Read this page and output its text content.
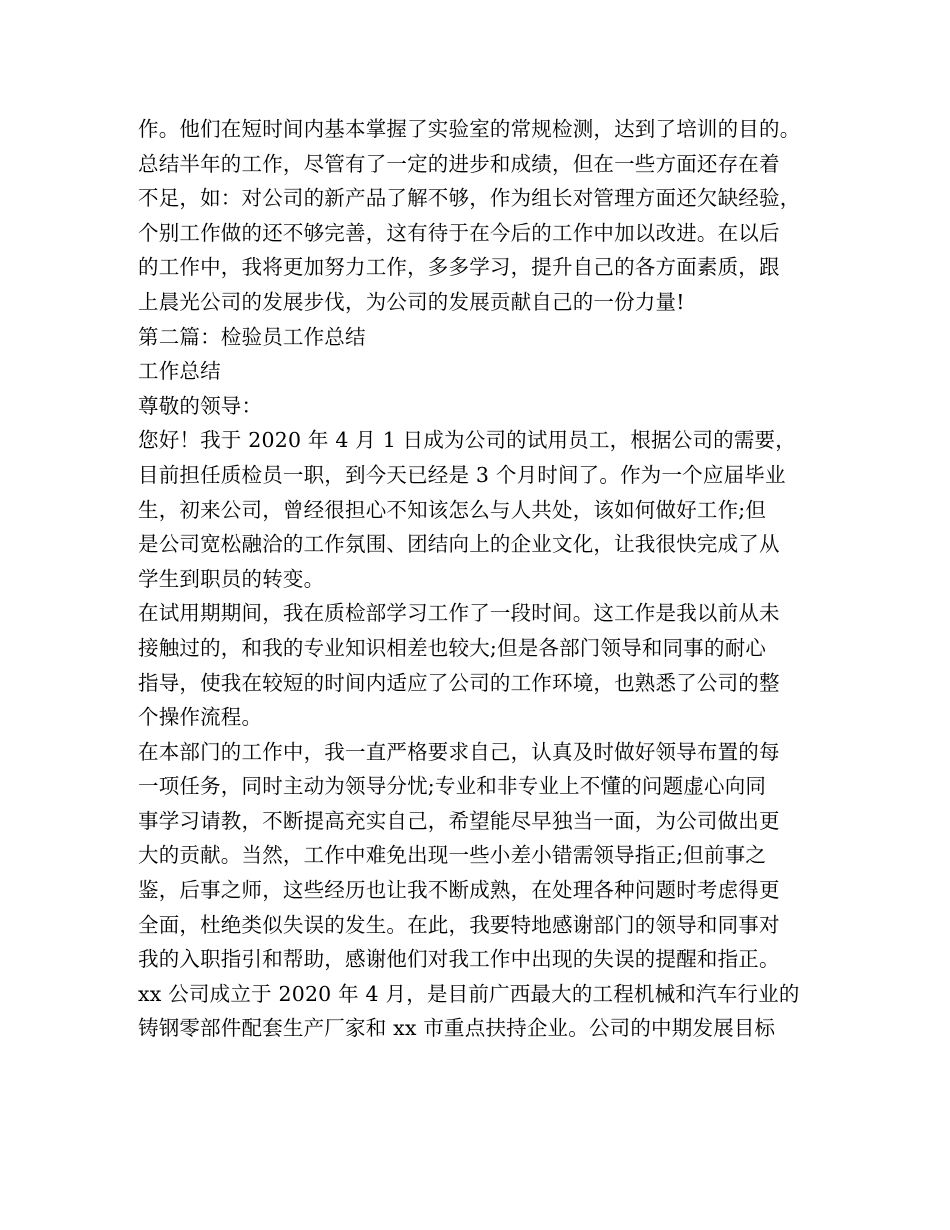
作。他们在短时间内基本掌握了实验室的常规检测，达到了培训的目的。
总结半年的工作，尽管有了一定的进步和成绩，但在一些方面还存在着
不足，如：对公司的新产品了解不够，作为组长对管理方面还欠缺经验，
个别工作做的还不够完善，这有待于在今后的工作中加以改进。在以后
的工作中，我将更加努力工作，多多学习，提升自己的各方面素质，跟
上晨光公司的发展步伐，为公司的发展贡献自己的一份力量!
第二篇：检验员工作总结
工作总结
尊敬的领导：
您好！我于 2020 年 4 月 1 日成为公司的试用员工，根据公司的需要，
目前担任质检员一职，到今天已经是 3 个月时间了。作为一个应届毕业
生，初来公司，曾经很担心不知该怎么与人共处，该如何做好工作;但
是公司宽松融洽的工作氛围、团结向上的企业文化，让我很快完成了从
学生到职员的转变。
在试用期期间，我在质检部学习工作了一段时间。这工作是我以前从未
接触过的，和我的专业知识相差也较大;但是各部门领导和同事的耐心
指导，使我在较短的时间内适应了公司的工作环境，也熟悉了公司的整
个操作流程。
在本部门的工作中，我一直严格要求自己，认真及时做好领导布置的每
一项任务，同时主动为领导分忧;专业和非专业上不懂的问题虚心向同
事学习请教，不断提高充实自己，希望能尽早独当一面，为公司做出更
大的贡献。当然，工作中难免出现一些小差小错需领导指正;但前事之
鉴，后事之师，这些经历也让我不断成熟，在处理各种问题时考虑得更
全面，杜绝类似失误的发生。在此，我要特地感谢部门的领导和同事对
我的入职指引和帮助，感谢他们对我工作中出现的失误的提醒和指正。
xx 公司成立于 2020 年 4 月，是目前广西最大的工程机械和汽车行业的
铸钢零部件配套生产厂家和 xx 市重点扶持企业。公司的中期发展目标
